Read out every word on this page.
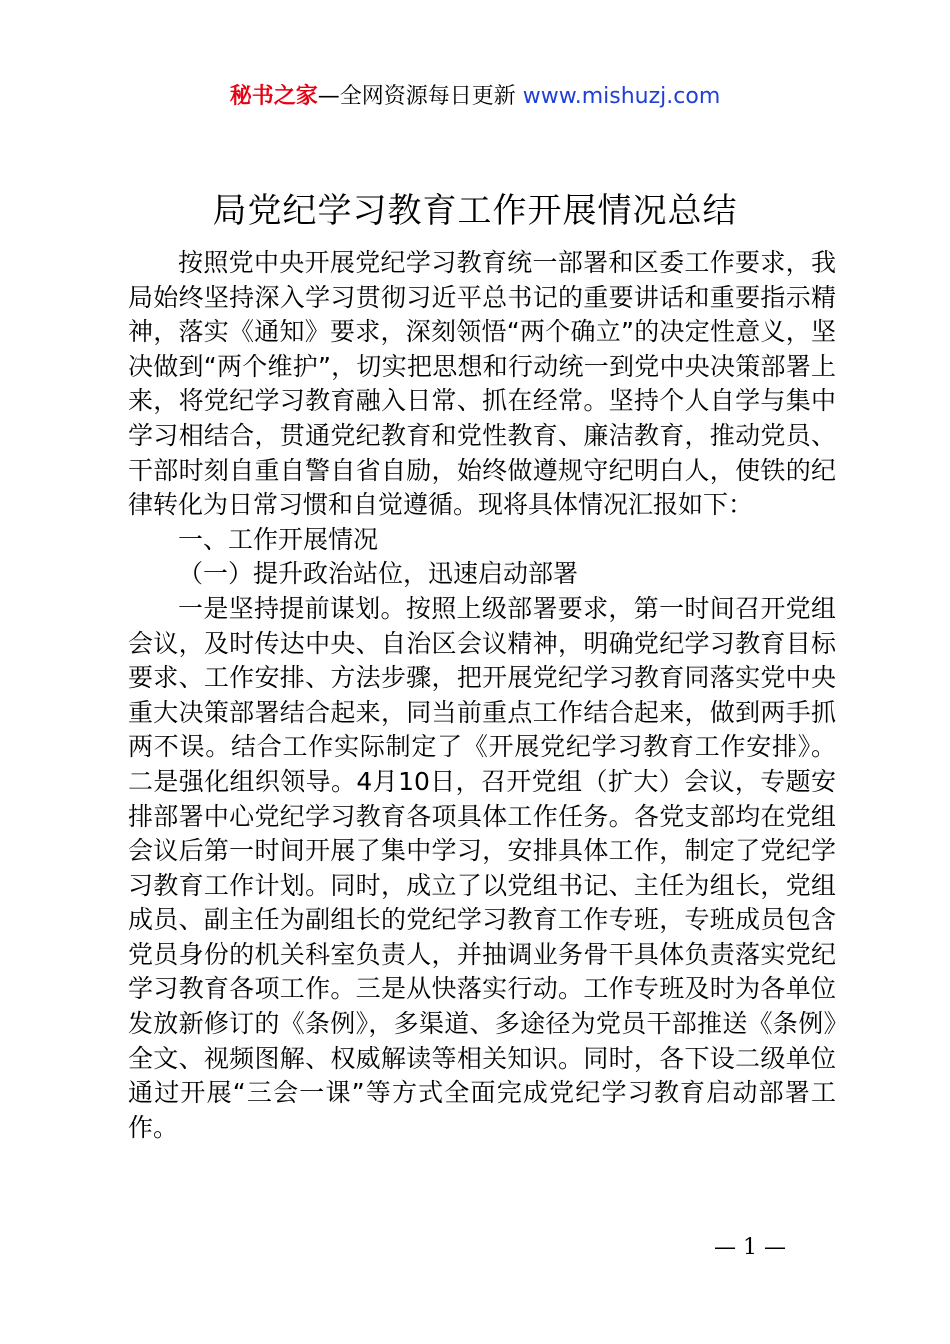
秘书之家—全网资源每日更新 www.mishuzj.com
局党纪学习教育工作开展情况总结

按照党中央开展党纪学习教育统一部署和区委工作要求，我局始终坚持深入学习贯彻习近平总书记的重要讲话和重要指示精神，落实《通知》要求，深刻领悟“两个确立”的决定性意义，坚决做到“两个维护”，切实把思想和行动统一到党中央决策部署上来，将党纪学习教育融入日常、抓在经常。坚持个人自学与集中学习相结合，贯通党纪教育和党性教育、廉洁教育，推动党员、干部时刻自重自警自省自励，始终做遵规守纪明白人，使铁的纪律转化为日常习惯和自觉遵循。现将具体情况汇报如下：

一、工作开展情况

（一）提升政治站位，迅速启动部署

一是坚持提前谋划。按照上级部署要求，第一时间召开党组会议，及时传达中央、自治区会议精神，明确党纪学习教育目标要求、工作安排、方法步骤，把开展党纪学习教育同落实党中央重大决策部署结合起来，同当前重点工作结合起来，做到两手抓两不误。结合工作实际制定了《开展党纪学习教育工作安排》。二是强化组织领导。4月10日，召开党组（扩大）会议，专题安排部署中心党纪学习教育各项具体工作任务。各党支部均在党组会议后第一时间开展了集中学习，安排具体工作，制定了党纪学习教育工作计划。同时，成立了以党组书记、主任为组长，党组成员、副主任为副组长的党纪学习教育工作专班，专班成员包含党员身份的机关科室负责人，并抽调业务骨干具体负责落实党纪学习教育各项工作。三是从快落实行动。工作专班及时为各单位发放新修订的《条例》，多渠道、多途径为党员干部推送《条例》全文、视频图解、权威解读等相关知识。同时，各下设二级单位通过开展“三会一课”等方式全面完成党纪学习教育启动部署工作。

— 1 —
